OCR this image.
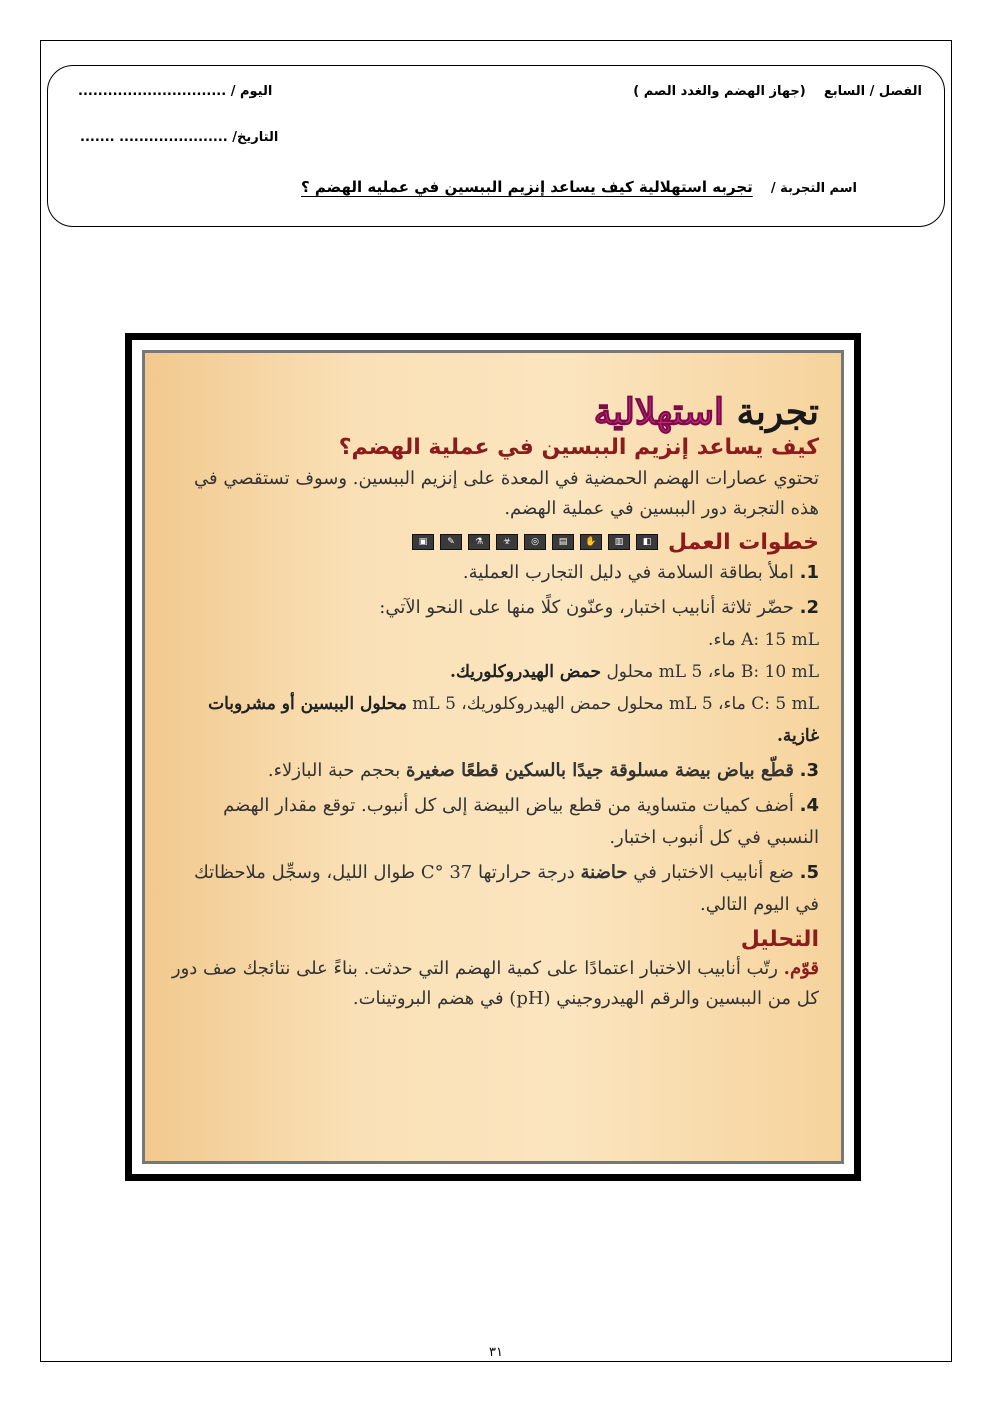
الفصل / السابع    (جهاز الهضم والغدد الصم )
اليوم / ..............................
التاريخ/ ...................... .......
اسم التجربة /    تجربه استهلالية كيف يساعد إنزيم الببسين في عمليه الهضم ؟
تجربة استهلالية
كيف يساعد إنزيم الببسين في عملية الهضم؟

تحتوي عصارات الهضم الحمضية في المعدة على إنزيم الببسين. وسوف تستقصي في هذه التجربة دور الببسين في عملية الهضم.

خطوات العمل
▣	✎	⚗	☣	◎	▤	✋	▥	◧
1. املأ بطاقة السلامة في دليل التجارب العملية.
2. حضّر ثلاثة أنابيب اختبار، وعنّون كلًا منها على النحو الآتي:
A: 15 mL ماء.
B: 10 mL ماء، 5 mL محلول حمض الهيدروكلوريك.
C: 5 mL ماء، 5 mL محلول حمض الهيدروكلوريك، 5 mL محلول الببسين أو مشروبات غازية.
3. قطّع بياض بيضة مسلوقة جيدًا بالسكين قطعًا صغيرة بحجم حبة البازلاء.
4. أضف كميات متساوية من قطع بياض البيضة إلى كل أنبوب. توقع مقدار الهضم النسبي في كل أنبوب اختبار.
5. ضع أنابيب الاختبار في حاضنة درجة حرارتها 37 °C طوال الليل، وسجِّل ملاحظاتك في اليوم التالي.
التحليل

قوّم. رتّب أنابيب الاختبار اعتمادًا على كمية الهضم التي حدثت. بناءً على نتائجك صف دور كل من الببسين والرقم الهيدروجيني (pH) في هضم البروتينات.

٣١
